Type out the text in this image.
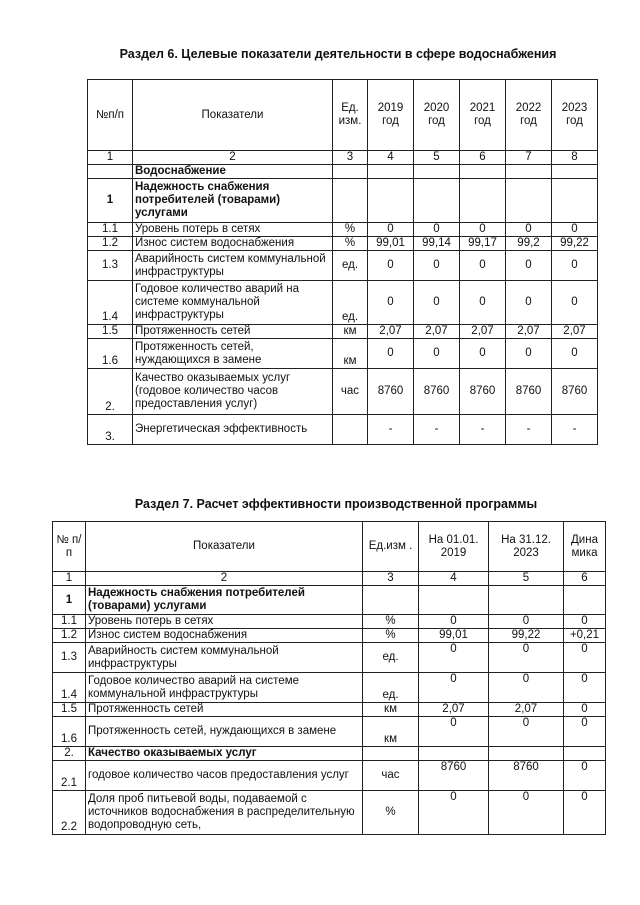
Раздел 6. Целевые показатели деятельности в сфере водоснабжения
№п/п	Показатели	Ед. изм.	2019 год	2020 год	2021 год	2022 год	2023 год
1	2	3	4	5	6	7	8
	Водоснабжение						
1	Надежность снабжения потребителей (товарами) услугами						
1.1	Уровень потерь в сетях	%	0	0	0	0	0
1.2	Износ систем водоснабжения	%	99,01	99,14	99,17	99,2	99,22
1.3	Аварийность систем коммунальной инфраструктуры	ед.	0	0	0	0	0
1.4	Годовое количество аварий на системе коммунальной инфраструктуры	ед.	0	0	0	0	0
1.5	Протяженность сетей	км	2,07	2,07	2,07	2,07	2,07
1.6	Протяженность сетей, нуждающихся в замене	км	0	0	0	0	0
2.	Качество оказываемых услуг (годовое количество часов предоставления услуг)	час	8760	8760	8760	8760	8760
3.	Энергетическая эффективность		-	-	-	-	-
Раздел 7. Расчет эффективности производственной программы
№ п/п	Показатели	Ед.изм .	На 01.01. 2019	На 31.12. 2023	Дина мика
1	2	3	4	5	6
1	Надежность снабжения потребителей (товарами) услугами				
1.1	Уровень потерь в сетях	%	0	0	0
1.2	Износ систем водоснабжения	%	99,01	99,22	+0,21
1.3	Аварийность систем коммунальной инфраструктуры	ед.	0	0	0
1.4	Годовое количество аварий на системе коммунальной инфраструктуры	ед.	0	0	0
1.5	Протяженность сетей	км	2,07	2,07	0
1.6	Протяженность сетей, нуждающихся в замене	км	0	0	0
2.	Качество оказываемых услуг				
2.1	годовое количество часов предоставления услуг	час	8760	8760	0
2.2	Доля проб питьевой воды, подаваемой с источников водоснабжения в распределительную водопроводную сеть,	%	0	0	0
